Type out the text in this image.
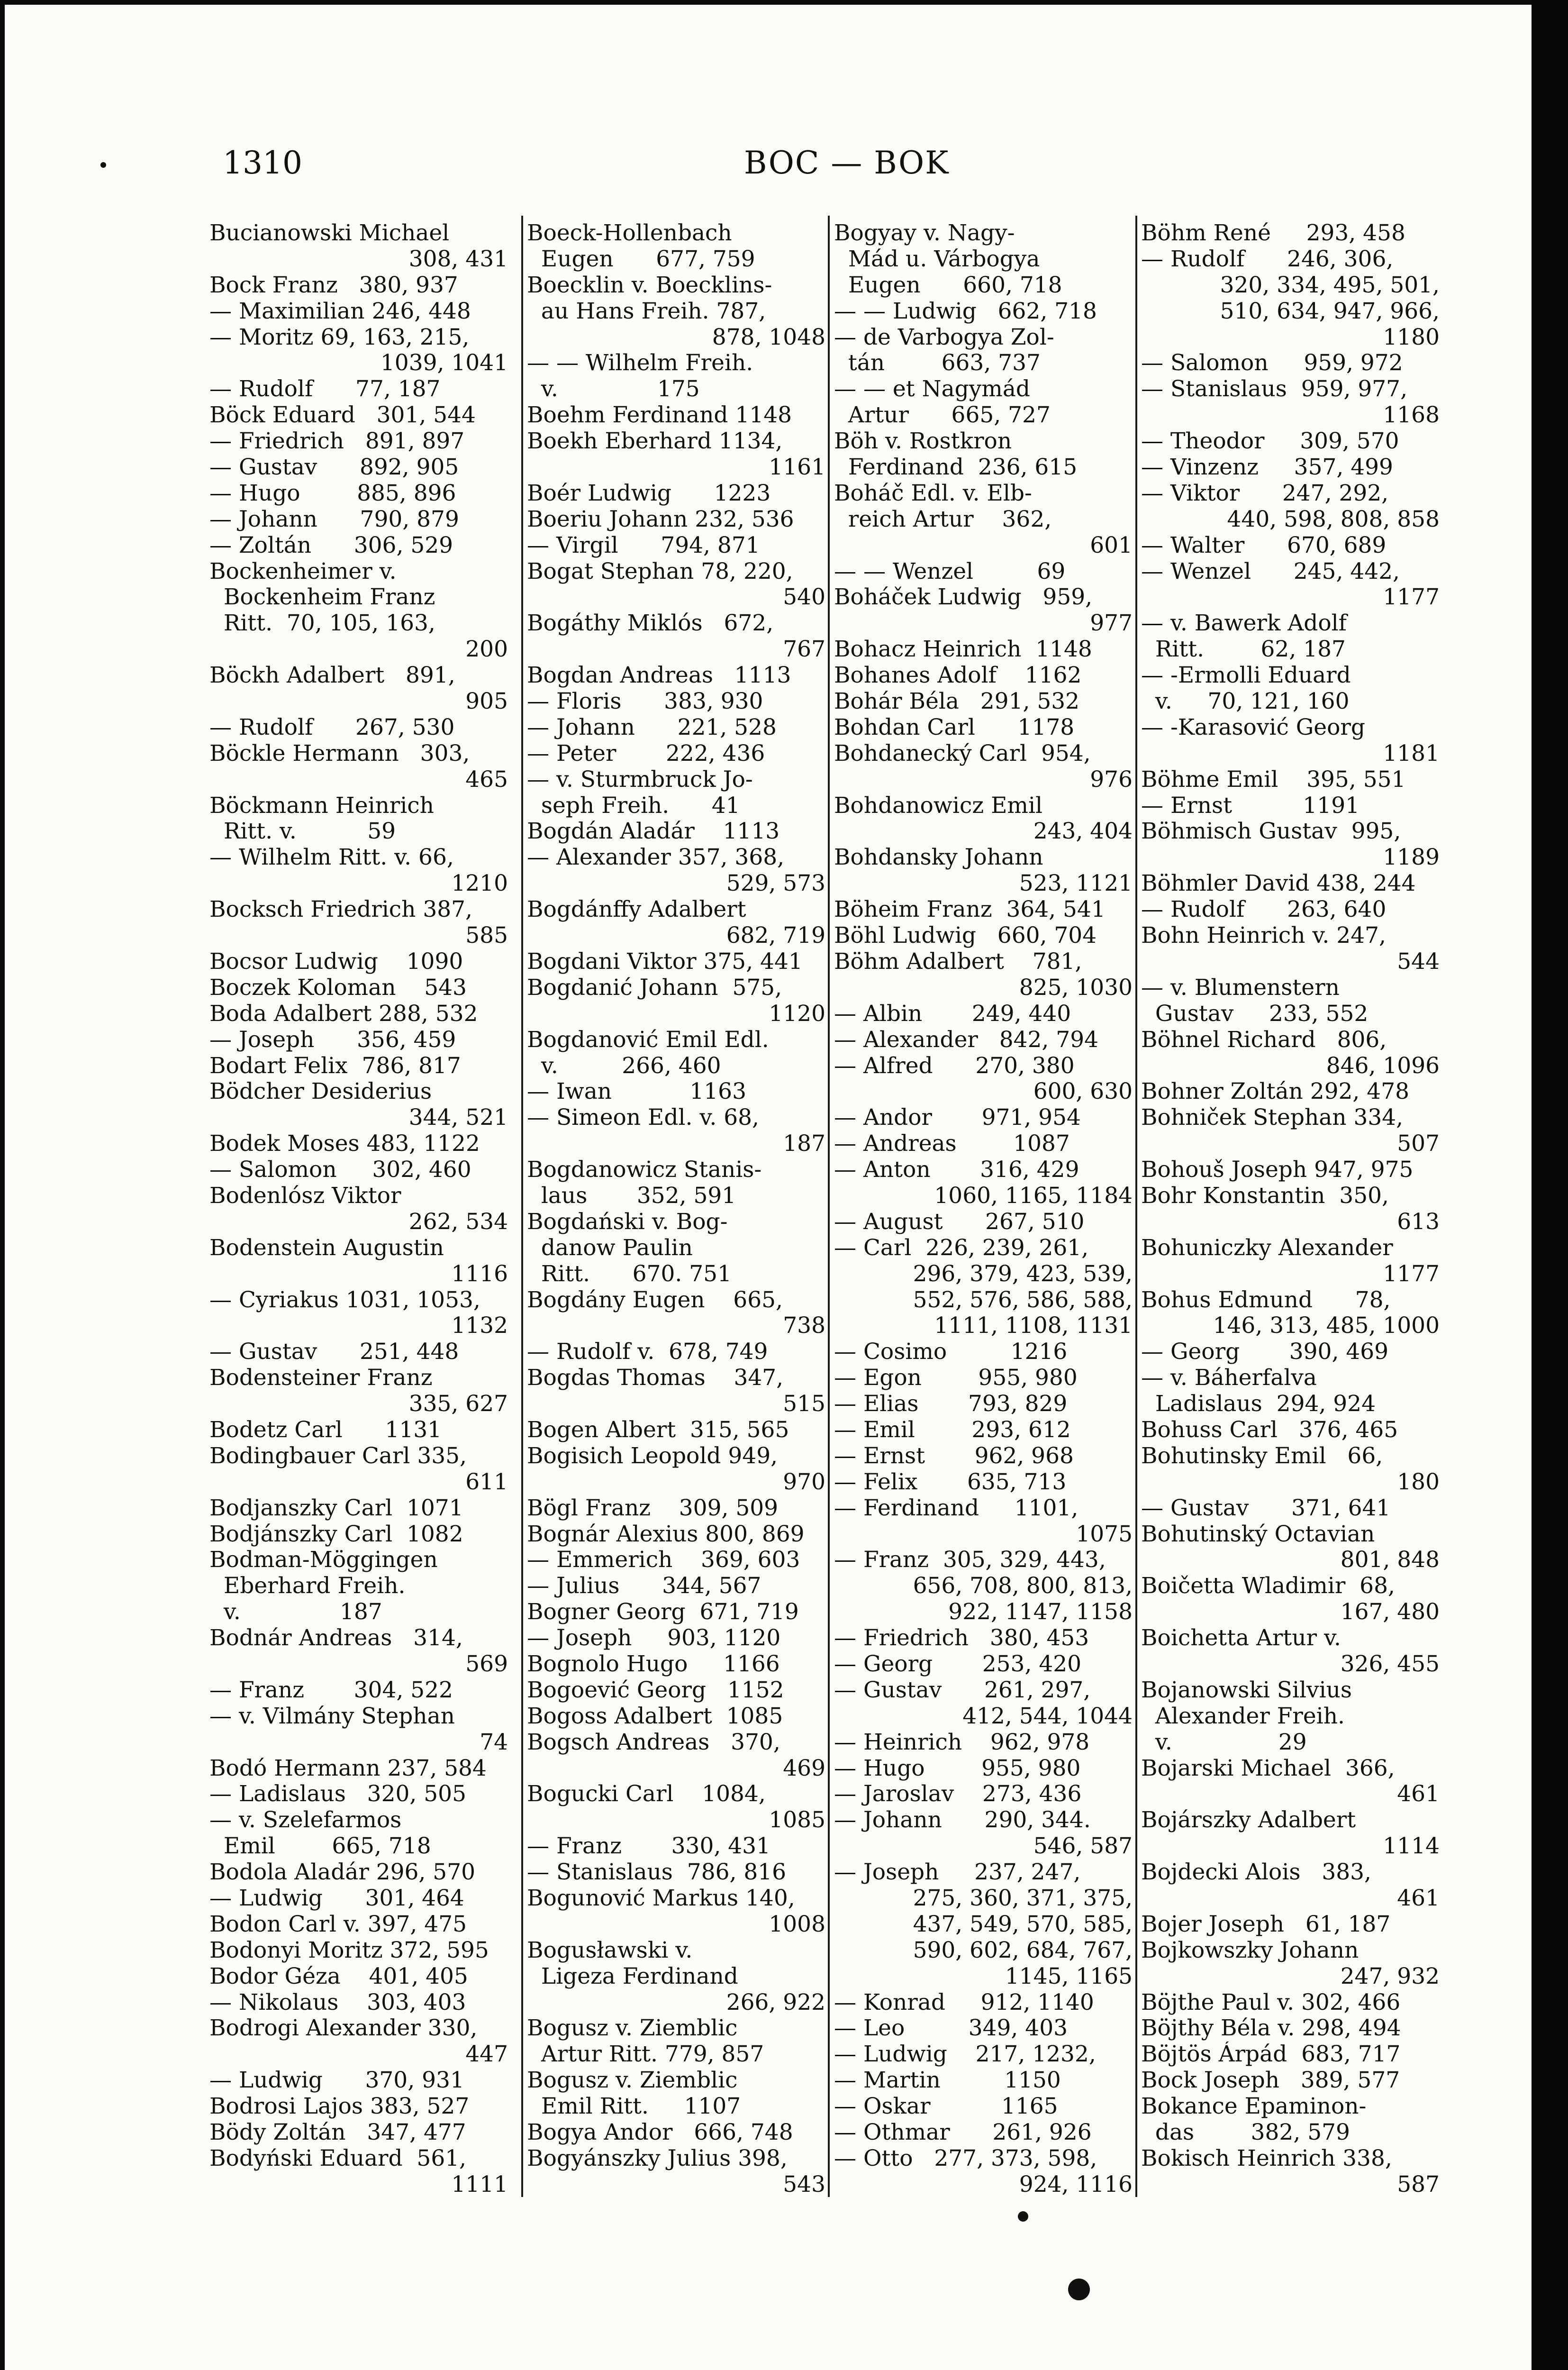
1310	BOC — BOK
Bucianowski Michael
308, 431
Bock Franz   380, 937
— Maximilian 246, 448
— Moritz 69, 163, 215,
1039, 1041
— Rudolf      77, 187
Böck Eduard   301, 544
— Friedrich   891, 897
— Gustav      892, 905
— Hugo        885, 896
— Johann      790, 879
— Zoltán      306, 529
Bockenheimer v.
Bockenheim Franz
Ritt.  70, 105, 163,
200
Böckh Adalbert   891,
905
— Rudolf      267, 530
Böckle Hermann   303,
465
Böckmann Heinrich
Ritt. v.          59
— Wilhelm Ritt. v. 66,
1210
Bocksch Friedrich 387,
585
Bocsor Ludwig    1090
Boczek Koloman    543
Boda Adalbert 288, 532
— Joseph      356, 459
Bodart Felix  786, 817
Bödcher Desiderius
344, 521
Bodek Moses 483, 1122
— Salomon     302, 460
Bodenlósz Viktor
262, 534
Bodenstein Augustin
1116
— Cyriakus 1031, 1053,
1132
— Gustav      251, 448
Bodensteiner Franz
335, 627
Bodetz Carl      1131
Bodingbauer Carl 335,
611
Bodjanszky Carl  1071
Bodjánszky Carl  1082
Bodman-Möggingen
Eberhard Freih.
v.              187
Bodnár Andreas   314,
569
— Franz       304, 522
— v. Vilmány Stephan
74
Bodó Hermann 237, 584
— Ladislaus   320, 505
— v. Szelefarmos
Emil        665, 718
Bodola Aladár 296, 570
— Ludwig      301, 464
Bodon Carl v. 397, 475
Bodonyi Moritz 372, 595
Bodor Géza    401, 405
— Nikolaus    303, 403
Bodrogi Alexander 330,
447
— Ludwig      370, 931
Bodrosi Lajos 383, 527
Bödy Zoltán   347, 477
Bodyński Eduard  561,
1111
Boeck-Hollenbach
Eugen      677, 759
Boecklin v. Boecklins-
au Hans Freih. 787,
878, 1048
— — Wilhelm Freih.
v.              175
Boehm Ferdinand 1148
Boekh Eberhard 1134,
1161
Boér Ludwig      1223
Boeriu Johann 232, 536
— Virgil      794, 871
Bogat Stephan 78, 220,
540
Bogáthy Miklós   672,
767
Bogdan Andreas   1113
— Floris      383, 930
— Johann      221, 528
— Peter       222, 436
— v. Sturmbruck Jo-
seph Freih.      41
Bogdán Aladár    1113
— Alexander 357, 368,
529, 573
Bogdánffy Adalbert
682, 719
Bogdani Viktor 375, 441
Bogdanić Johann  575,
1120
Bogdanović Emil Edl.
v.         266, 460
— Iwan           1163
— Simeon Edl. v. 68,
187
Bogdanowicz Stanis-
laus       352, 591
Bogdański v. Bog-
danow Paulin
Ritt.      670. 751
Bogdány Eugen    665,
738
— Rudolf v.  678, 749
Bogdas Thomas    347,
515
Bogen Albert  315, 565
Bogisich Leopold 949,
970
Bögl Franz    309, 509
Bognár Alexius 800, 869
— Emmerich    369, 603
— Julius      344, 567
Bogner Georg  671, 719
— Joseph     903, 1120
Bognolo Hugo     1166
Bogoević Georg   1152
Bogoss Adalbert  1085
Bogsch Andreas   370,
469
Bogucki Carl    1084,
1085
— Franz       330, 431
— Stanislaus  786, 816
Bogunović Markus 140,
1008
Bogusławski v.
Ligeza Ferdinand
266, 922
Bogusz v. Ziemblic
Artur Ritt. 779, 857
Bogusz v. Ziemblic
Emil Ritt.     1107
Bogya Andor   666, 748
Bogyánszky Julius 398,
543
Bogyay v. Nagy-
Mád u. Várbogya
Eugen      660, 718
— — Ludwig   662, 718
— de Varbogya Zol-
tán        663, 737
— — et Nagymád
Artur      665, 727
Böh v. Rostkron
Ferdinand  236, 615
Boháč Edl. v. Elb-
reich Artur    362,
601
— — Wenzel         69
Boháček Ludwig   959,
977
Bohacz Heinrich  1148
Bohanes Adolf    1162
Bohár Béla   291, 532
Bohdan Carl      1178
Bohdanecký Carl  954,
976
Bohdanowicz Emil
243, 404
Bohdansky Johann
523, 1121
Böheim Franz  364, 541
Böhl Ludwig   660, 704
Böhm Adalbert    781,
825, 1030
— Albin       249, 440
— Alexander   842, 794
— Alfred      270, 380
600, 630
— Andor       971, 954
— Andreas        1087
— Anton       316, 429
1060, 1165, 1184
— August      267, 510
— Carl  226, 239, 261,
296, 379, 423, 539,
552, 576, 586, 588,
1111, 1108, 1131
— Cosimo         1216
— Egon        955, 980
— Elias       793, 829
— Emil        293, 612
— Ernst       962, 968
— Felix       635, 713
— Ferdinand     1101,
1075
— Franz  305, 329, 443,
656, 708, 800, 813,
922, 1147, 1158
— Friedrich   380, 453
— Georg       253, 420
— Gustav      261, 297,
412, 544, 1044
— Heinrich    962, 978
— Hugo        955, 980
— Jaroslav    273, 436
— Johann      290, 344.
546, 587
— Joseph     237, 247,
275, 360, 371, 375,
437, 549, 570, 585,
590, 602, 684, 767,
1145, 1165
— Konrad     912, 1140
— Leo         349, 403
— Ludwig    217, 1232,
— Martin         1150
— Oskar          1165
— Othmar      261, 926
— Otto   277, 373, 598,
924, 1116
Böhm René     293, 458
— Rudolf      246, 306,
320, 334, 495, 501,
510, 634, 947, 966,
1180
— Salomon     959, 972
— Stanislaus  959, 977,
1168
— Theodor     309, 570
— Vinzenz     357, 499
— Viktor      247, 292,
440, 598, 808, 858
— Walter      670, 689
— Wenzel      245, 442,
1177
— v. Bawerk Adolf
Ritt.        62, 187
— -Ermolli Eduard
v.     70, 121, 160
— -Karasović Georg
1181
Böhme Emil    395, 551
— Ernst          1191
Böhmisch Gustav  995,
1189
Böhmler David 438, 244
— Rudolf      263, 640
Bohn Heinrich v. 247,
544
— v. Blumenstern
Gustav     233, 552
Böhnel Richard   806,
846, 1096
Bohner Zoltán 292, 478
Bohniček Stephan 334,
507
Bohouš Joseph 947, 975
Bohr Konstantin  350,
613
Bohuniczky Alexander
1177
Bohus Edmund      78,
146, 313, 485, 1000
— Georg       390, 469
— v. Báherfalva
Ladislaus  294, 924
Bohuss Carl   376, 465
Bohutinsky Emil   66,
180
— Gustav      371, 641
Bohutinský Octavian
801, 848
Boičetta Wladimir  68,
167, 480
Boichetta Artur v.
326, 455
Bojanowski Silvius
Alexander Freih.
v.               29
Bojarski Michael  366,
461
Bojárszky Adalbert
1114
Bojdecki Alois   383,
461
Bojer Joseph   61, 187
Bojkowszky Johann
247, 932
Böjthe Paul v. 302, 466
Böjthy Béla v. 298, 494
Böjtös Árpád  683, 717
Bock Joseph   389, 577
Bokance Epaminon-
das        382, 579
Bokisch Heinrich 338,
587
